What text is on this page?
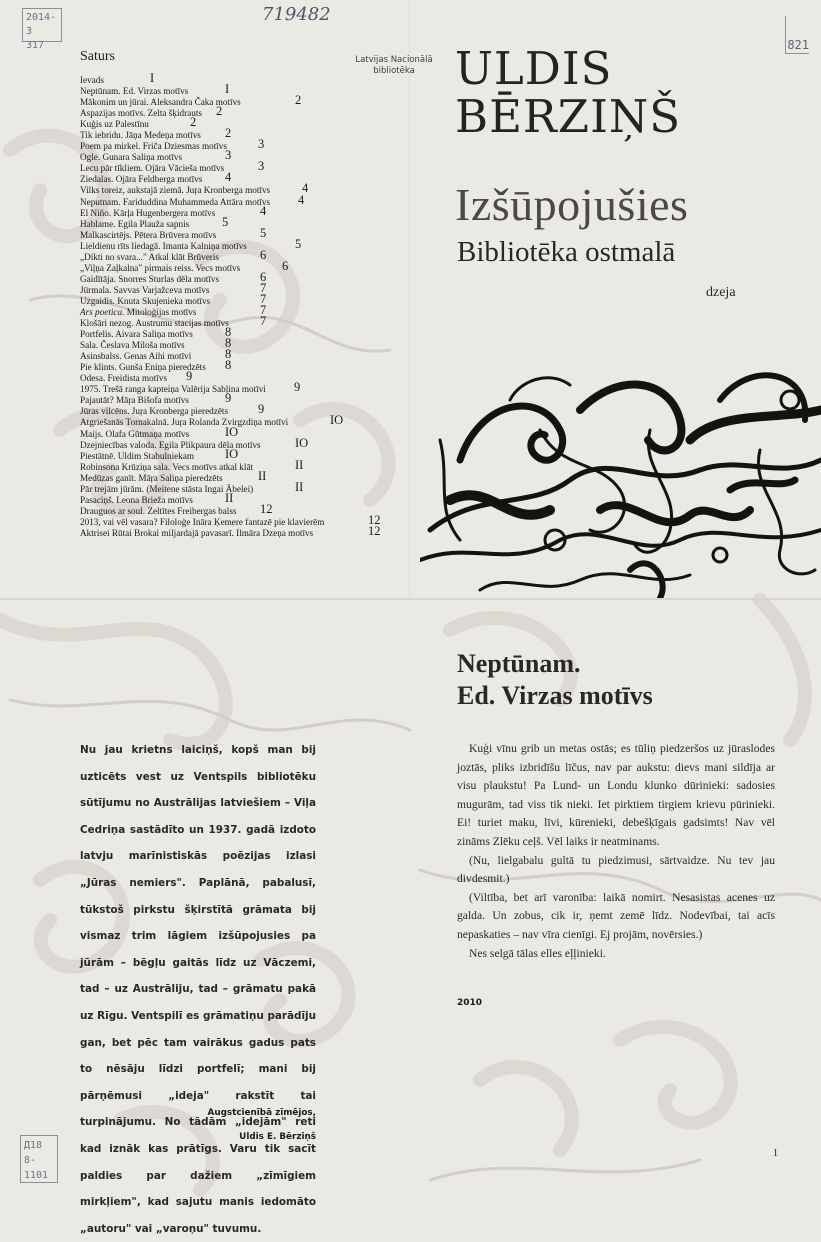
2014-3
317
719482
821
Д18
8-1101
Latvijas Nacionālā
bibliotēka
Saturs
Ievads	I
Neptūnam. Ed. Virzas motīvs	I
Mākonim un jūrai. Aleksandra Čaka motīvs	2
Aspazijas motīvs. Zelta šķidrauts 2
Kuģis uz Palestīnu	2
Tik iebridu. Jāņa Medeņa motīvs 2
Poem pa mirkel. Friča Dziesmas motīvs 3
Ogle. Gunara Saliņa motīvs	3
Lecu pār tīkliem. Ojāra Vācieša motīvs	3
Ziedalas. Ojāra Feldberga motīvs 4
Vilks toreiz, aukstajā ziemā. Juŗa Kronberga motīvs	4
Neputnam. Fariduddina Muhammeda Attāra motīvs 4
El Niño. Kārļa Hugenbergera motīvs	4
Hablame. Egila Plauža sapnis	5
Malkascirtējs. Pētera Brūvera motīvs	5
Lieldienu rīts liedagā. Imanta Kalniņa motīvs	5
„Dikti no svara..." Atkal klāt Brūveris	6
„Viļņa Zaļkalna" pirmais reiss. Vecs motīvs	6
Gaidītāja. Snorres Sturlas dēla motīvs	6
Jūrmala. Savvas Varjažceva motīvs	7
Uzgaidis. Knuta Skujenieka motīvs	7
Ars poetica. Mitoloģijas motīvs	7
Klošāri nezog. Austrumu stacijas motīvs 7
Portfelis. Aivara Saliņa motīvs	8
Sala. Česlava Miloša motīvs	8
Asinsbalss. Genas Aihi motīvi	8
Pie klints. Gunša Eniņa pieredzēts 8
Odesa. Freidista motīvs 9
1975. Trešā ranga kapteiņa Valērija Sabļina motīvi 9
Pajautāt? Māŗa Bišofa motīvs	9
Jūras vilcēns. Juŗa Kronberga pieredzēts 9
Atgriešanās Tornakalnā. Juŗa Rolanda Zvirgzdiņa motīvi	IO
Maijs. Olafa Gūtmaņa motīvs	IO
Dzejniecības valoda. Egila Plikpaura dēla motīvs	IO
Piestātnē. Uldim Stabulniekam IO
Robinsona Krūziņa sala. Vecs motīvs atkal klāt	II
Medūzas ganīt. Māŗa Saliņa pieredzēts	II
Pār trejām jūrām. (Meitene stāsta Ingai Ābelei)	II
Pasaciņš. Leona Brieža motīvs	II
Drauguos ar soul. Zeltītes Freibergas balss 12
2013, vai vēl vasara? Filoloģe Ināra Ķemere fantazē pie klavierēm	12
Aktrisei Rūtai Brokai miljardajā pavasarī. Ilmāra Dzeņa motīvs	12
ULDIS
BĒRZIŅŠ
Izšūpojušies
Bibliotēka ostmalā
dzeja
Neptūnam.
Ed. Virzas motīvs

Kuģi vīnu grib un metas ostās; es tūliņ piedzeršos uz jūraslodes joztās, pliks izbridīšu līčus, nav par aukstu: dievs mani sildīja ar visu plaukstu! Pa Lund- un Londu klunko dūrinieki: sadosies mugurām, tad viss tik nieki. Iet pirktiem tirgiem krievu pūrinieki. Ei! turiet maku, līvi, kūrenieki, debešķīgais gadsimts! Nav vēl zināms Zlēku ceļš. Vēl laiks ir neatminams.

(Nu, lielgabalu gultā tu piedzimusi, sārtvaidze. Nu tev jau divdesmit.)

(Viltība, bet arī varonība: laikā nomirt. Nesasistas acenes uz galda. Un zobus, cik ir, ņemt zemē līdz. Nodevībai, tai acīs nepaskaties – nav vīra cienīgi. Ej projām, novērsies.)

Nes selgā tālas elles eļļinieki.

2010

Nu jau krietns laiciņš, kopš man bij uzticēts vest uz Ventspils bibliotēku sūtījumu no Austrālijas latviešiem – Viļa Cedriņa sastādīto un 1937. gadā izdoto latvju marīnistiskās poēzijas izlasi „Jūras nemiers". Paplānā, pabalusī, tūkstoš pirkstu šķirstītā grāmata bij vismaz trim lāgiem izšūpojusies pa jūrām – bēgļu gaitās līdz uz Vāczemi, tad – uz Austrāliju, tad – grāmatu pakā uz Rīgu. Ventspilī es grāmatiņu parādīju gan, bet pēc tam vairākus gadus pats to nēsāju līdzi portfelī; mani bij pārņēmusi „ideja" rakstīt tai turpinājumu. No tādām „idejām" reti kad iznāk kas prātīgs. Varu tik sacīt paldies par dažiem „zīmīgiem mirkļiem", kad sajutu manis iedomāto „autoru" vai „varoņu" tuvumu.

Augstcienībā zīmējos,
Uldis E. Bērziņš
1
